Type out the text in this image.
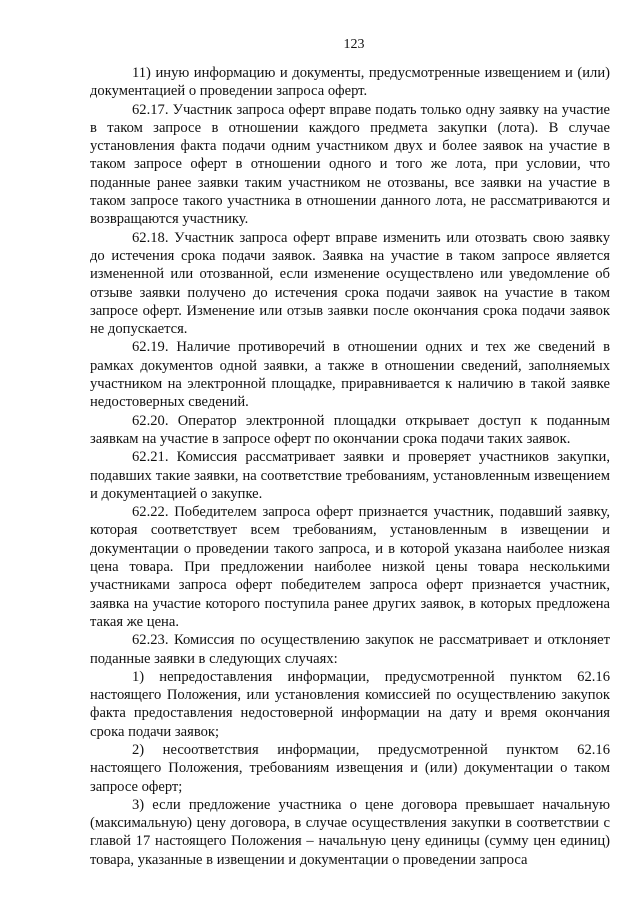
123

11) иную информацию и документы, предусмотренные извещением и (или) документацией о проведении запроса оферт.

62.17. Участник запроса оферт вправе подать только одну заявку на участие в таком запросе в отношении каждого предмета закупки (лота). В случае установления факта подачи одним участником двух и более заявок на участие в таком запросе оферт в отношении одного и того же лота, при условии, что поданные ранее заявки таким участником не отозваны, все заявки на участие в таком запросе такого участника в отношении данного лота, не рассматриваются и возвращаются участнику.

62.18. Участник запроса оферт вправе изменить или отозвать свою заявку до истечения срока подачи заявок. Заявка на участие в таком запросе является измененной или отозванной, если изменение осуществлено или уведомление об отзыве заявки получено до истечения срока подачи заявок на участие в таком запросе оферт. Изменение или отзыв заявки после окончания срока подачи заявок не допускается.

62.19. Наличие противоречий в отношении одних и тех же сведений в рамках документов одной заявки, а также в отношении сведений, заполняемых участником на электронной площадке, приравнивается к наличию в такой заявке недостоверных сведений.

62.20. Оператор электронной площадки открывает доступ к поданным заявкам на участие в запросе оферт по окончании срока подачи таких заявок.

62.21. Комиссия рассматривает заявки и проверяет участников закупки, подавших такие заявки, на соответствие требованиям, установленным извещением и документацией о закупке.

62.22. Победителем запроса оферт признается участник, подавший заявку, которая соответствует всем требованиям, установленным в извещении и документации о проведении такого запроса, и в которой указана наиболее низкая цена товара. При предложении наиболее низкой цены товара несколькими участниками запроса оферт победителем запроса оферт признается участник, заявка на участие которого поступила ранее других заявок, в которых предложена такая же цена.

62.23. Комиссия по осуществлению закупок не рассматривает и отклоняет поданные заявки в следующих случаях:

1) непредоставления информации, предусмотренной пунктом 62.16 настоящего Положения, или установления комиссией по осуществлению закупок факта предоставления недостоверной информации на дату и время окончания срока подачи заявок;

2) несоответствия информации, предусмотренной пунктом 62.16 настоящего Положения, требованиям извещения и (или) документации о таком запросе оферт;

3) если предложение участника о цене договора превышает начальную (максимальную) цену договора, в случае осуществления закупки в соответствии с главой 17 настоящего Положения – начальную цену единицы (сумму цен единиц) товара, указанные в извещении и документации о проведении запроса
